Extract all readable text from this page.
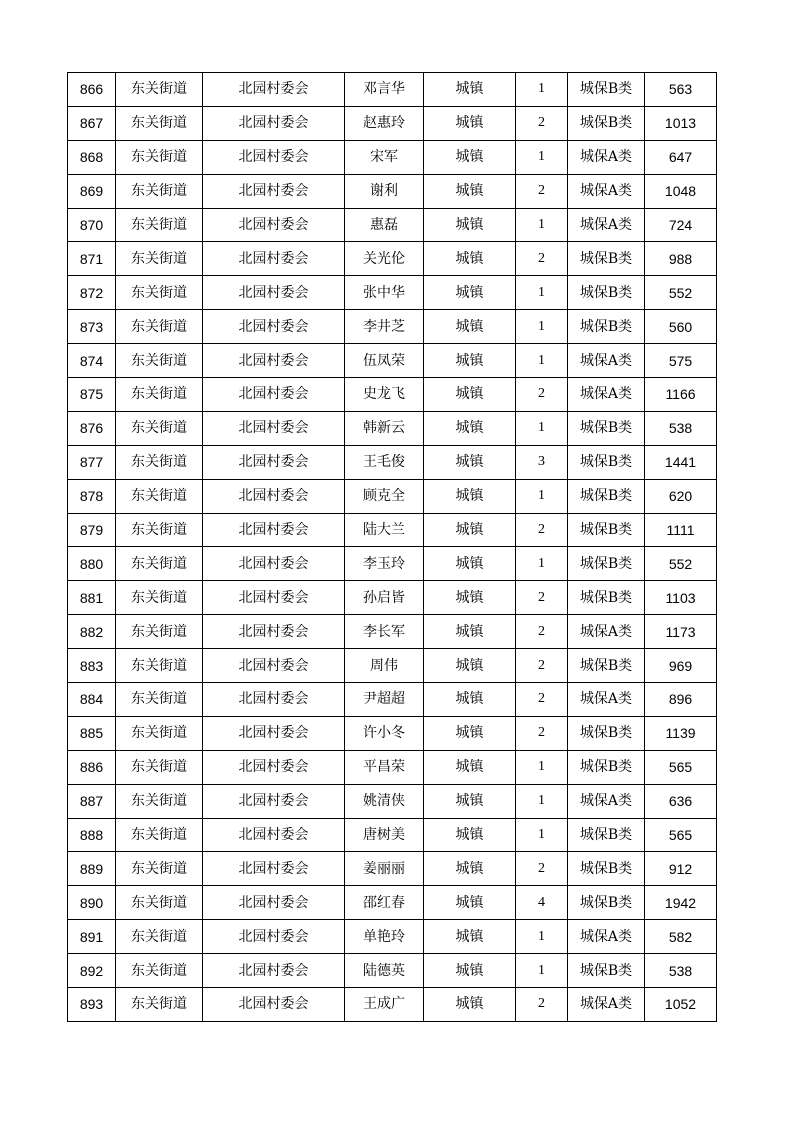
866	东关街道	北园村委会	邓言华	城镇	1	城保B类	563
867	东关街道	北园村委会	赵惠玲	城镇	2	城保B类	1013
868	东关街道	北园村委会	宋军	城镇	1	城保A类	647
869	东关街道	北园村委会	谢利	城镇	2	城保A类	1048
870	东关街道	北园村委会	惠磊	城镇	1	城保A类	724
871	东关街道	北园村委会	关光伦	城镇	2	城保B类	988
872	东关街道	北园村委会	张中华	城镇	1	城保B类	552
873	东关街道	北园村委会	李井芝	城镇	1	城保B类	560
874	东关街道	北园村委会	伍凤荣	城镇	1	城保A类	575
875	东关街道	北园村委会	史龙飞	城镇	2	城保A类	1166
876	东关街道	北园村委会	韩新云	城镇	1	城保B类	538
877	东关街道	北园村委会	王毛俊	城镇	3	城保B类	1441
878	东关街道	北园村委会	顾克全	城镇	1	城保B类	620
879	东关街道	北园村委会	陆大兰	城镇	2	城保B类	1111
880	东关街道	北园村委会	李玉玲	城镇	1	城保B类	552
881	东关街道	北园村委会	孙启皆	城镇	2	城保B类	1103
882	东关街道	北园村委会	李长军	城镇	2	城保A类	1173
883	东关街道	北园村委会	周伟	城镇	2	城保B类	969
884	东关街道	北园村委会	尹超超	城镇	2	城保A类	896
885	东关街道	北园村委会	许小冬	城镇	2	城保B类	1139
886	东关街道	北园村委会	平昌荣	城镇	1	城保B类	565
887	东关街道	北园村委会	姚清侠	城镇	1	城保A类	636
888	东关街道	北园村委会	唐树美	城镇	1	城保B类	565
889	东关街道	北园村委会	姜丽丽	城镇	2	城保B类	912
890	东关街道	北园村委会	邵红春	城镇	4	城保B类	1942
891	东关街道	北园村委会	单艳玲	城镇	1	城保A类	582
892	东关街道	北园村委会	陆德英	城镇	1	城保B类	538
893	东关街道	北园村委会	王成广	城镇	2	城保A类	1052
